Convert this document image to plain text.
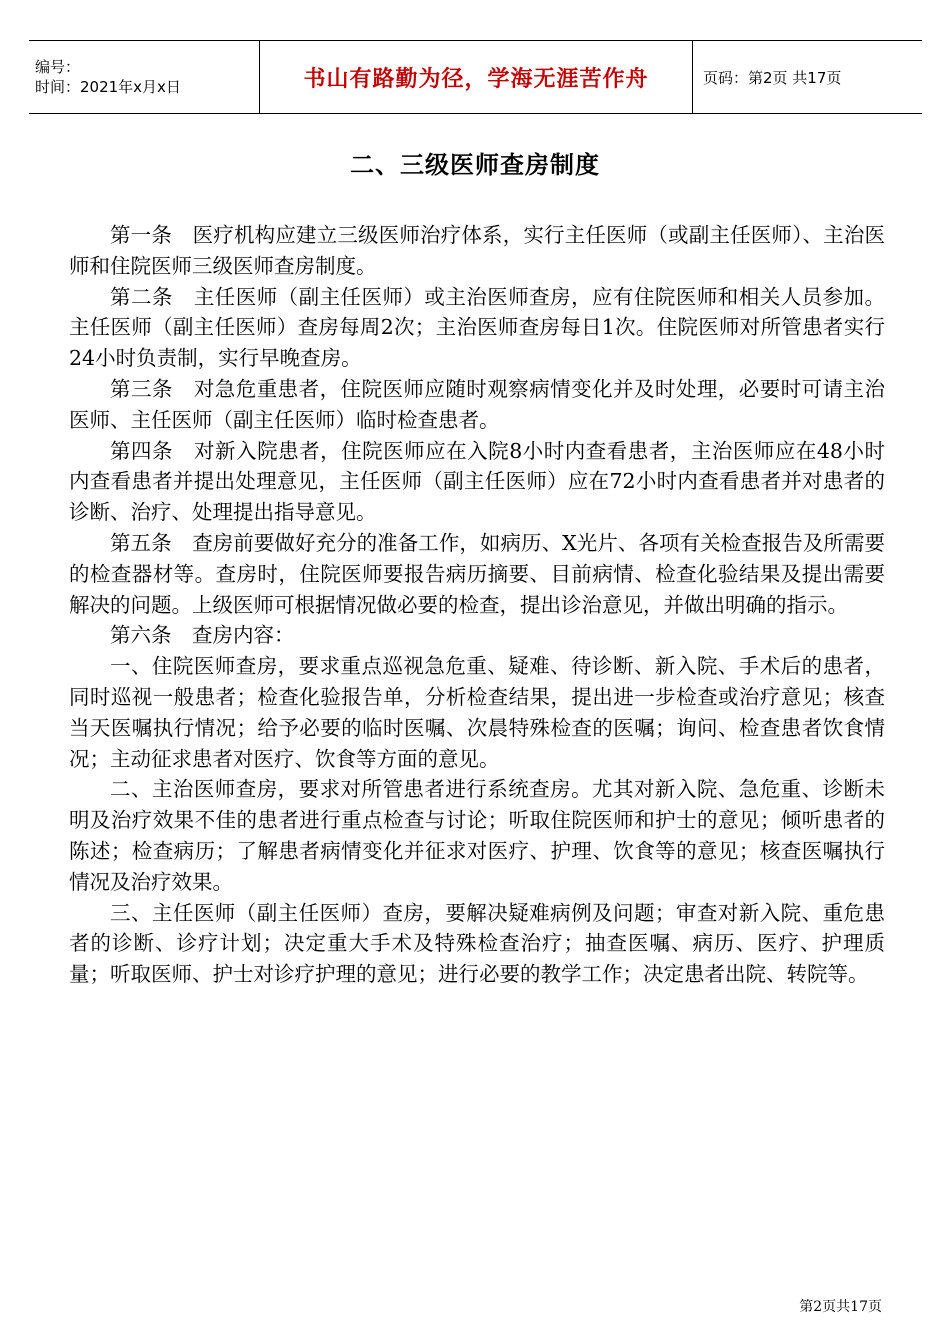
编号：
时间：2021年x月x日	书山有路勤为径，学海无涯苦作舟	页码：第2页 共17页
二、三级医师查房制度

第一条　医疗机构应建立三级医师治疗体系，实行主任医师（或副主任医师）、主治医师和住院医师三级医师查房制度。

第二条　主任医师（副主任医师）或主治医师查房，应有住院医师和相关人员参加。主任医师（副主任医师）查房每周2次；主治医师查房每日1次。住院医师对所管患者实行24小时负责制，实行早晚查房。

第三条　对急危重患者，住院医师应随时观察病情变化并及时处理，必要时可请主治医师、主任医师（副主任医师）临时检查患者。

第四条　对新入院患者，住院医师应在入院8小时内查看患者，主治医师应在48小时内查看患者并提出处理意见，主任医师（副主任医师）应在72小时内查看患者并对患者的诊断、治疗、处理提出指导意见。

第五条　查房前要做好充分的准备工作，如病历、X光片、各项有关检查报告及所需要的检查器材等。查房时，住院医师要报告病历摘要、目前病情、检查化验结果及提出需要解决的问题。上级医师可根据情况做必要的检查，提出诊治意见，并做出明确的指示。

第六条　查房内容：

一、住院医师查房，要求重点巡视急危重、疑难、待诊断、新入院、手术后的患者，同时巡视一般患者；检查化验报告单，分析检查结果，提出进一步检查或治疗意见；核查当天医嘱执行情况；给予必要的临时医嘱、次晨特殊检查的医嘱；询问、检查患者饮食情况；主动征求患者对医疗、饮食等方面的意见。

二、主治医师查房，要求对所管患者进行系统查房。尤其对新入院、急危重、诊断未明及治疗效果不佳的患者进行重点检查与讨论；听取住院医师和护士的意见；倾听患者的陈述；检查病历；了解患者病情变化并征求对医疗、护理、饮食等的意见；核查医嘱执行情况及治疗效果。

三、主任医师（副主任医师）查房，要解决疑难病例及问题；审查对新入院、重危患者的诊断、诊疗计划；决定重大手术及特殊检查治疗；抽查医嘱、病历、医疗、护理质量；听取医师、护士对诊疗护理的意见；进行必要的教学工作；决定患者出院、转院等。

第2页共17页
